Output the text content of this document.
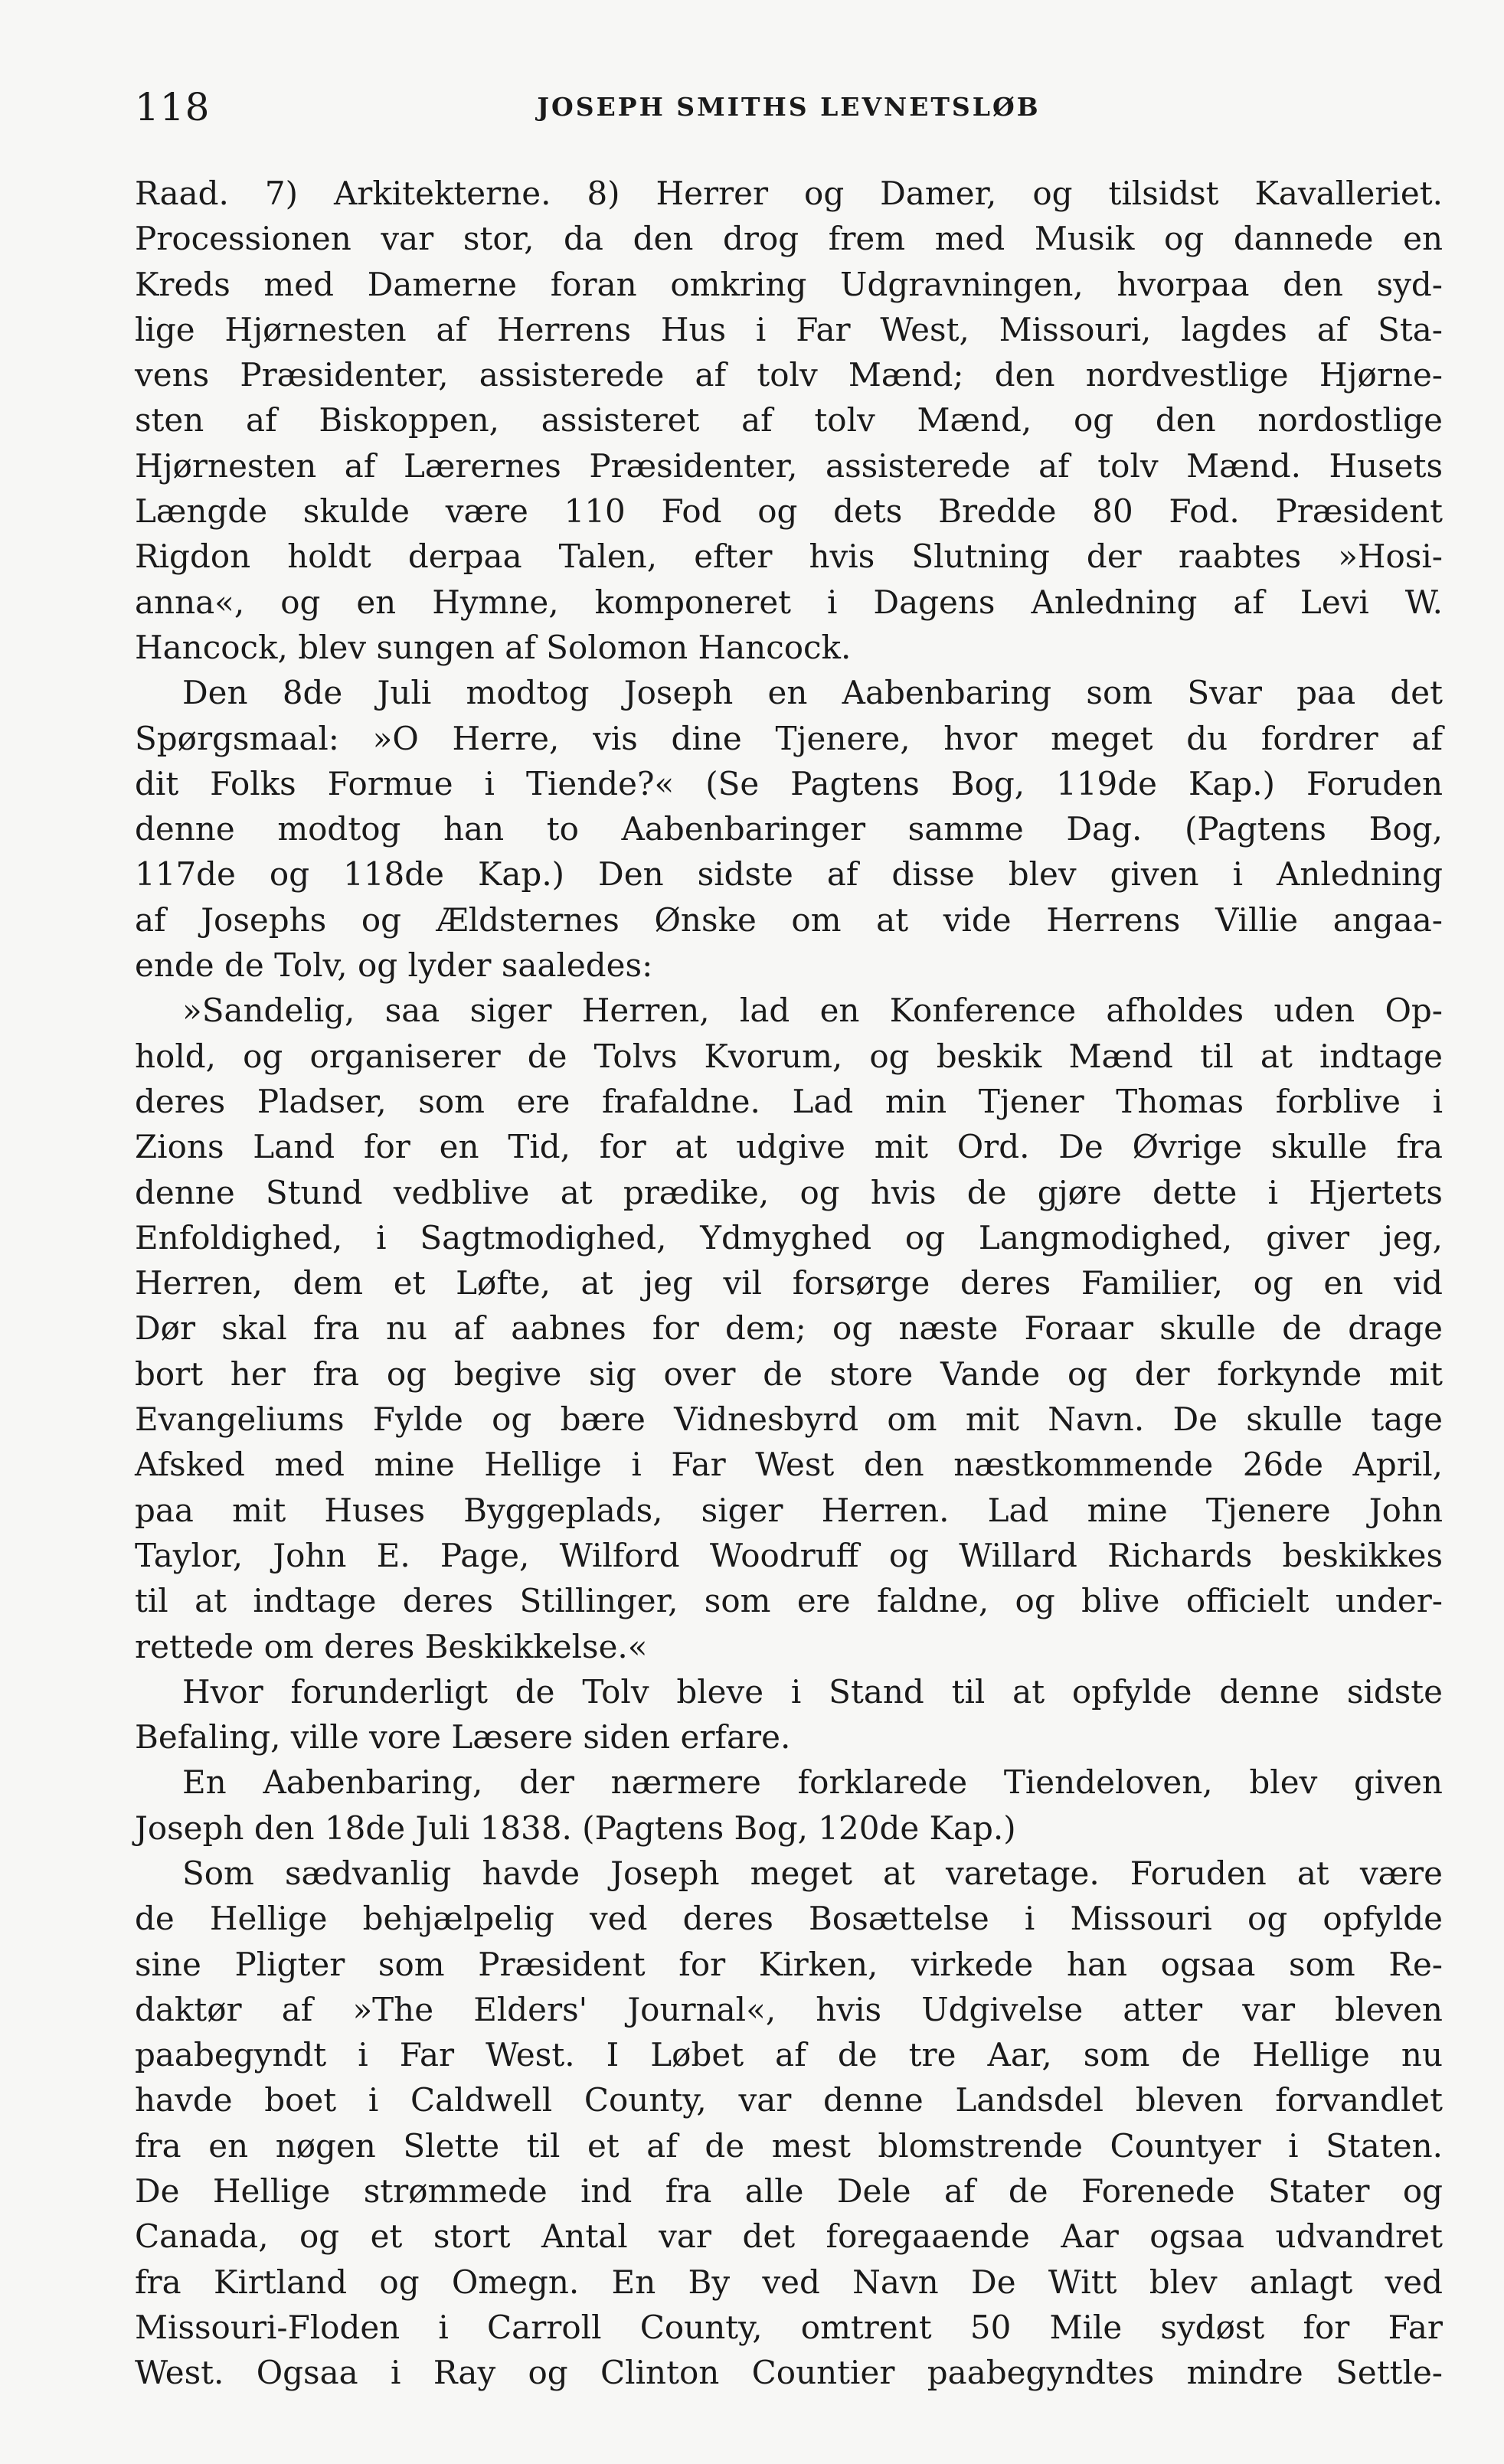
118	JOSEPH SMITHS LEVNETSLØB
Raad. 7) Arkitekterne. 8) Herrer og Damer, og tilsidst Kavalleriet.
Processionen var stor, da den drog frem med Musik og dannede en
Kreds med Damerne foran omkring Udgravningen, hvorpaa den syd-
lige Hjørnesten af Herrens Hus i Far West, Missouri, lagdes af Sta-
vens Præsidenter, assisterede af tolv Mænd; den nordvestlige Hjørne-
sten af Biskoppen, assisteret af tolv Mænd, og den nordostlige
Hjørnesten af Lærernes Præsidenter, assisterede af tolv Mænd. Husets
Længde skulde være 110 Fod og dets Bredde 80 Fod. Præsident
Rigdon holdt derpaa Talen, efter hvis Slutning der raabtes »Hosi-
anna«, og en Hymne, komponeret i Dagens Anledning af Levi W.
Hancock, blev sungen af Solomon Hancock.
Den 8de Juli modtog Joseph en Aabenbaring som Svar paa det
Spørgsmaal: »O Herre, vis dine Tjenere, hvor meget du fordrer af
dit Folks Formue i Tiende?« (Se Pagtens Bog, 119de Kap.) Foruden
denne modtog han to Aabenbaringer samme Dag. (Pagtens Bog,
117de og 118de Kap.) Den sidste af disse blev given i Anledning
af Josephs og Ældsternes Ønske om at vide Herrens Villie angaa-
ende de Tolv, og lyder saaledes:
»Sandelig, saa siger Herren, lad en Konference afholdes uden Op-
hold, og organiserer de Tolvs Kvorum, og beskik Mænd til at indtage
deres Pladser, som ere frafaldne. Lad min Tjener Thomas forblive i
Zions Land for en Tid, for at udgive mit Ord. De Øvrige skulle fra
denne Stund vedblive at prædike, og hvis de gjøre dette i Hjertets
Enfoldighed, i Sagtmodighed, Ydmyghed og Langmodighed, giver jeg,
Herren, dem et Løfte, at jeg vil forsørge deres Familier, og en vid
Dør skal fra nu af aabnes for dem; og næste Foraar skulle de drage
bort her fra og begive sig over de store Vande og der forkynde mit
Evangeliums Fylde og bære Vidnesbyrd om mit Navn. De skulle tage
Afsked med mine Hellige i Far West den næstkommende 26de April,
paa mit Huses Byggeplads, siger Herren. Lad mine Tjenere John
Taylor, John E. Page, Wilford Woodruff og Willard Richards beskikkes
til at indtage deres Stillinger, som ere faldne, og blive officielt under-
rettede om deres Beskikkelse.«
Hvor forunderligt de Tolv bleve i Stand til at opfylde denne sidste
Befaling, ville vore Læsere siden erfare.
En Aabenbaring, der nærmere forklarede Tiendeloven, blev given
Joseph den 18de Juli 1838. (Pagtens Bog, 120de Kap.)
Som sædvanlig havde Joseph meget at varetage. Foruden at være
de Hellige behjælpelig ved deres Bosættelse i Missouri og opfylde
sine Pligter som Præsident for Kirken, virkede han ogsaa som Re-
daktør af »The Elders' Journal«, hvis Udgivelse atter var bleven
paabegyndt i Far West. I Løbet af de tre Aar, som de Hellige nu
havde boet i Caldwell County, var denne Landsdel bleven forvandlet
fra en nøgen Slette til et af de mest blomstrende Countyer i Staten.
De Hellige strømmede ind fra alle Dele af de Forenede Stater og
Canada, og et stort Antal var det foregaaende Aar ogsaa udvandret
fra Kirtland og Omegn. En By ved Navn De Witt blev anlagt ved
Missouri-Floden i Carroll County, omtrent 50 Mile sydøst for Far
West. Ogsaa i Ray og Clinton Countier paabegyndtes mindre Settle-
